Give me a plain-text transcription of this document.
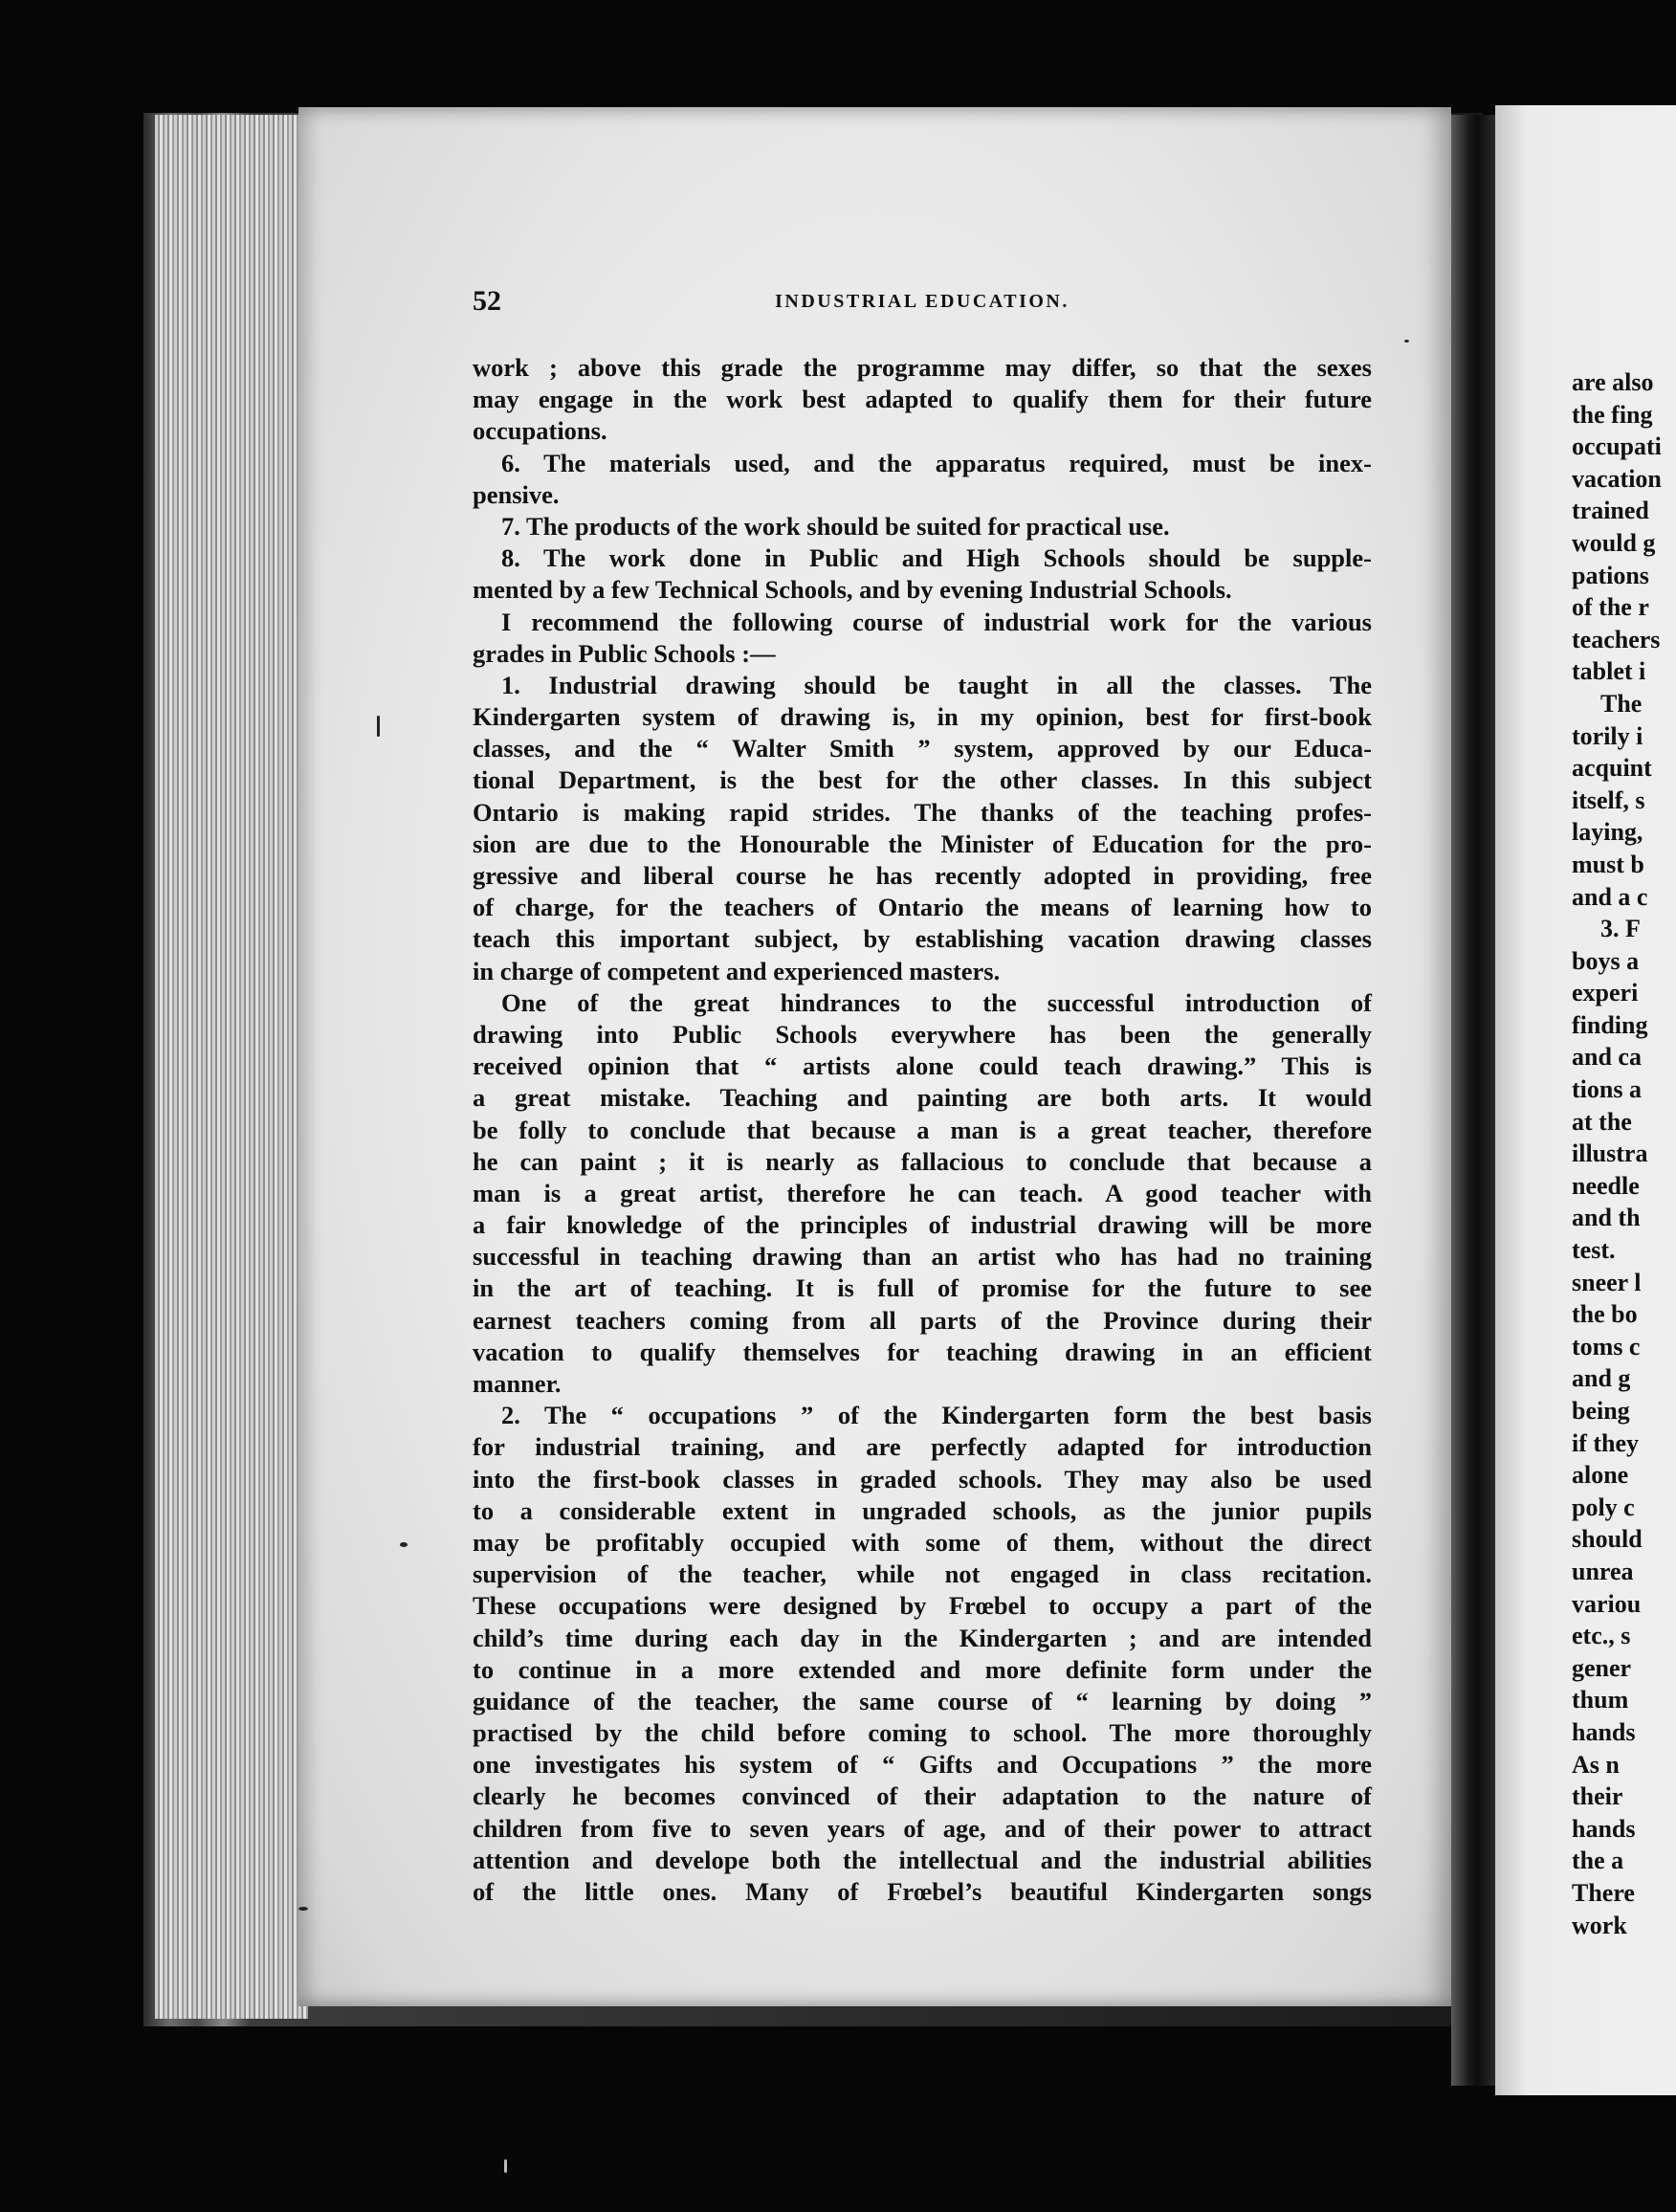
52	INDUSTRIAL EDUCATION.
work ; above this grade the programme may differ, so that the sexes
may engage in the work best adapted to qualify them for their future
occupations.
6. The materials used, and the apparatus required, must be inex-
pensive.
7. The products of the work should be suited for practical use.
8. The work done in Public and High Schools should be supple-
mented by a few Technical Schools, and by evening Industrial Schools.
I recommend the following course of industrial work for the various
grades in Public Schools :—
1. Industrial drawing should be taught in all the classes. The
Kindergarten system of drawing is, in my opinion, best for first-book
classes, and the “ Walter Smith ” system, approved by our Educa-
tional Department, is the best for the other classes. In this subject
Ontario is making rapid strides. The thanks of the teaching profes-
sion are due to the Honourable the Minister of Education for the pro-
gressive and liberal course he has recently adopted in providing, free
of charge, for the teachers of Ontario the means of learning how to
teach this important subject, by establishing vacation drawing classes
in charge of competent and experienced masters.
One of the great hindrances to the successful introduction of
drawing into Public Schools everywhere has been the generally
received opinion that “ artists alone could teach drawing.” This is
a great mistake. Teaching and painting are both arts. It would
be folly to conclude that because a man is a great teacher, therefore
he can paint ; it is nearly as fallacious to conclude that because a
man is a great artist, therefore he can teach. A good teacher with
a fair knowledge of the principles of industrial drawing will be more
successful in teaching drawing than an artist who has had no training
in the art of teaching. It is full of promise for the future to see
earnest teachers coming from all parts of the Province during their
vacation to qualify themselves for teaching drawing in an efficient
manner.
2. The “ occupations ” of the Kindergarten form the best basis
for industrial training, and are perfectly adapted for introduction
into the first-book classes in graded schools. They may also be used
to a considerable extent in ungraded schools, as the junior pupils
may be profitably occupied with some of them, without the direct
supervision of the teacher, while not engaged in class recitation.
These occupations were designed by Frœbel to occupy a part of the
child’s time during each day in the Kindergarten ; and are intended
to continue in a more extended and more definite form under the
guidance of the teacher, the same course of “ learning by doing ”
practised by the child before coming to school. The more thoroughly
one investigates his system of “ Gifts and Occupations ” the more
clearly he becomes convinced of their adaptation to the nature of
children from five to seven years of age, and of their power to attract
attention and develope both the intellectual and the industrial abilities
of the little ones. Many of Frœbel’s beautiful Kindergarten songs
are also
the fing
occupati
vacation
trained
would g
pations
of the r
teachers
tablet i
The
torily i
acquint
itself, s
laying,
must b
and a c
3. F
boys a
experi
finding
and ca
tions a
at the
illustra
needle
and th
test.
sneer l
the bo
toms c
and g
being
if they
alone
poly c
should
unrea
variou
etc., s
gener
thum
hands
As n
their
hands
the a
There
work
